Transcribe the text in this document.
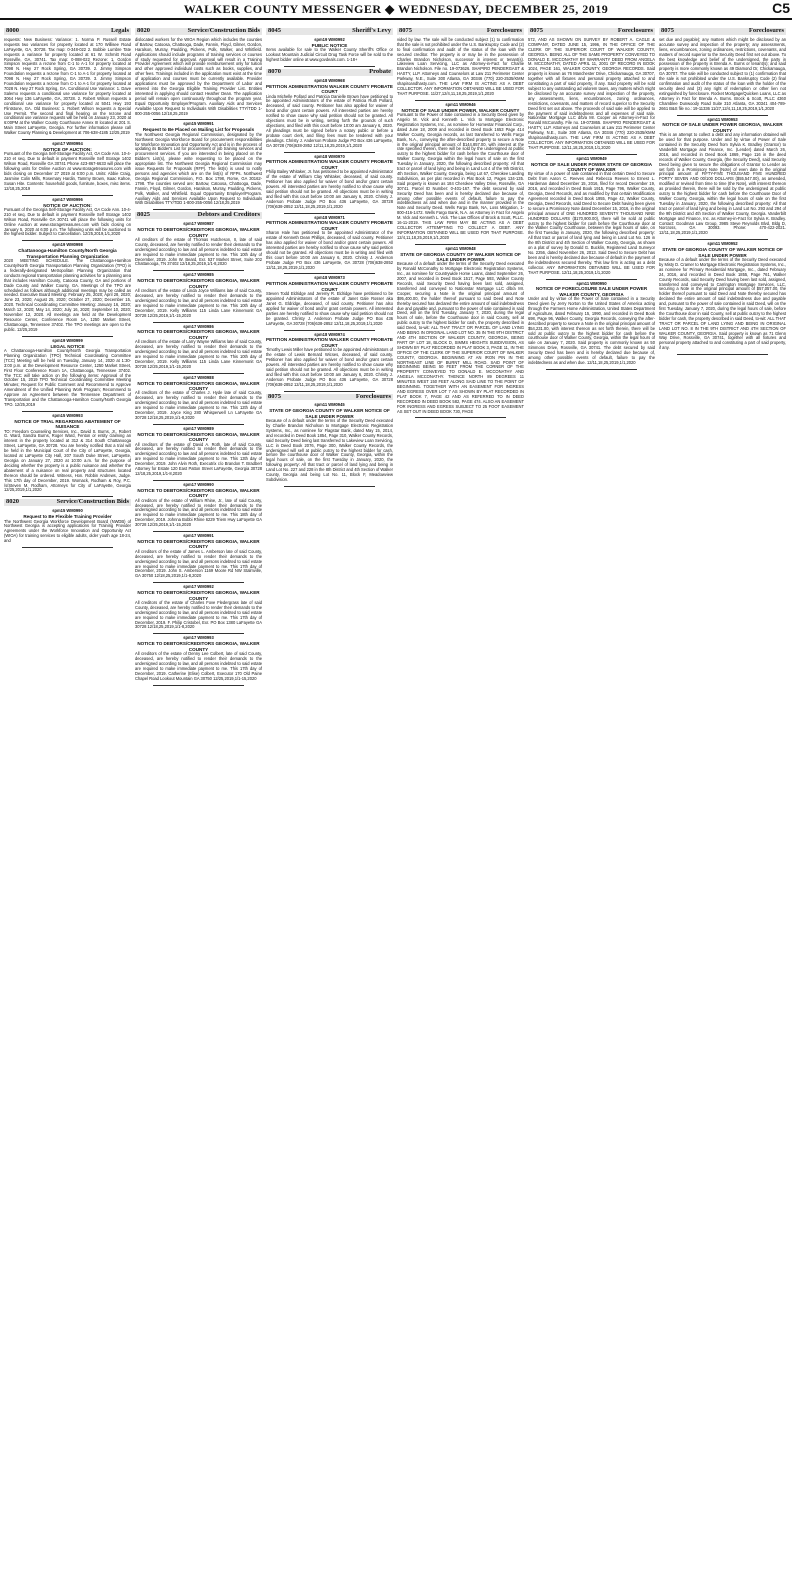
WALKER COUNTY MESSENGER ◆ WEDNESDAY, DECEMBER 25, 2019	C5
8000	Legals

requests: New Business: Variance: 1. Norma P. Russell Estate requests two variances for property located at 170 Willisee Road LaFayette, GA, 30728. Tax map: 0-348-022 2. Bobbie Lumbre Tate requests a variance for property located at 61 W. Schmitt Road Rossville, GA, 30741. Tax map: 0-088-022 Rezone: 1. Gordon Simpson requests a rezone from C-1 to A-1 for property located at 7098 N. Hwy 27 Rock Spring, GA 30739. 2. Jimmy Simpson Foundation requests a rezone from C-1 to A-1 for property located at 7098 N. Hwy 27 Rock Spring, GA 30739. 3. Jimmy Simpson Foundation requests a rezone from C-1 to A-1 for property located at 7028 N. Hwy 27 Rock Spring, GA. Conditional Use Variance: 1. Dave Salerno requests a conditional use variance for property located at 3064 Hwy 136 LaFayette, GA, 30728. 2. Robert Wilson requests a conditional use variance for property located at 5041 Hwy 193 Flintstone, GA. Old Business: 1. Robert Wilson requests a Special Use Permit. The second and final hearing on the rezone and conditional use variance requests will be held on January 23, 2020 at 6:00PM at the Walker County Courthouse Annex III located at 201 S. Main Street LaFayette, Georgia. For further information please call Walker County Planning & Development at 706-638-4185 12/25,2019

spm17 WM0994
NOTICE OF AUCTION:

Pursuant of the Georgia Self-Storage Facility Act, GA Code Ann. 10-4-210 et seq. Due to default in payment Rossville Self Storage 1402 Wilson Road, Rossville GA 30741 Phone 423-867-6633 will place the following units for Online Auction at www.storagetreasures.com with bids closing on December 27 2019 at 6:00 p.m. Units: Abbie Craig, Jasmine Colin Mills, Rosemary Hardin, Tammy Brown, Isaac Kahoe, Susan Hite. Contents: household goods, furniture, boxes, misc items. 12/18,25,2019

spm17 WM0996
NOTICE OF AUCTION:

Pursuant of the Georgia Self-Storage Facility Act, GA Code Ann. 10-4-210 et seq. Due to default in payment Rossville Self Storage 1402 Wilson Road, Rossville GA 30741 will place the following units for Online Auction at www.storagetreasures.com with bids closing on January 5, 2020 at 6:00 p.m. The following units will be auctioned to the highest bidder. Subject to Cancellation. 12/25,2019,1/1,2020

spm19 WM0998
Chattanooga-Hamilton County/North Georgia Transportation Planning Organization

2020 MEETING SCHEDULE. The Chattanooga-Hamilton County/North Georgia Transportation Planning Organization (TPO) is a federally-designated Metropolitan Planning Organization that conducts regional transportation planning activities for a planning area that includes Hamilton County, Catoosa County, GA and portions of Dade County and Walker County, GA. Meetings of the TPO are scheduled as follows although additional meetings may be called as needed. Executive Board Meeting: February 25, 2020; April 28, 2020; June 23, 2020; August 25, 2020; October 27, 2020; December 15, 2020. Technical Coordinating Committee Meeting: January 16, 2020; March 12, 2020; May 14, 2020; July 16, 2020; September 10, 2020; November 12, 2020. All meetings are held at the Development Resource Center, Conference Room 1A, 1250 Market Street, Chattanooga, Tennessee 37402. The TPO meetings are open to the public. 12/25,2019

spm19 WM0999
LEGAL NOTICE

A Chattanooga-Hamilton County/North Georgia Transportation Planning Organization (TPO) Technical Coordinating Committee (TCC) Meeting will be held on Tuesday, January 14, 2020 at 1:30-3:00 p.m. at the Development Resource Center, 1250 Market Street, First Floor Conference Room 1A, Chattanooga, Tennessee 37402. The TCC will take action on the following items: Approval of the October 15, 2019 TPO Technical Coordinating Committee Meeting Minutes; Request for Public Comment and Recommend to Approve Amendment of the Unified Planning Work Program; Recommend to Approve an Agreement between the Tennessee Department of Transportation and the Chattanooga-Hamilton County/North Georgia TPO. 12/25,2019

spm15 WM0993
NOTICE OF TRIAL REGARDING ABATEMENT OF NUISANCE

TO: Freedom Counseling Services, Inc., David S. Burns, Jr., Robert G. Ward, Sandra Burns, Roger Ward, Fenton or entity claiming an interest in the property located at 312 & 314 South Chattanooga Street, LaFayette, GA 30728. You are hereby notified that a trial will be held in the Municipal Court of the City of LaFayette, Georgia, located at LaFayette City Hall, 207 South Duke Street, LaFayette, Georgia on January 27, 2020 at 10:00 a.m. for the purpose of deciding whether the property is a public nuisance and whether the abatement of a nuisance on real property and structures located thereon should be ordered. Witness, Hon. Robbin Andrews, Judge. This 17th day of December, 2019. Womack, Rodham & Roy, P.C. /s/Steven M. Rodham, Attorneys for City of LaFayette, Georgia 12/25,2019,1/1,2020

8020	Service/Construction Bids
spm15 WM0990
Request to Be Flexible Training Provider

The Northwest Georgia Workforce Development Board (NWDB) of Northwest Georgia is accepting applications for Training Provider Agreements under the Workforce Innovation and Opportunity Act (WIOA) for training services to eligible adults, older youth age 18-24, and

8020	Service/Construction Bids

dislocated workers for the WIOA Region which includes the counties of Bartow, Catoosa, Chattooga, Dade, Fannin, Floyd, Gilmer, Gordon, Haralson, Murray, Paulding, Pickens, Polk, Walker, and Whitfield. Applications should include programs of training services or courses of study requested for approval. Approval will result in a Training Provider Agreement which will provide reimbursement only for tuition and other approved individual costs such as books, supplies, and other fees. Trainings included in the application must exist at the time of application and courses must be currently available. Provider applications must be approved by the Department of Labor and entered into the Georgia Eligible Training Provider List. Entities interested in applying should contact Heather Dean. The application period will remain open continuously throughout the program year. Equal Opportunity Employer/Program. Auxiliary Aids and Services Available Upon Request to Individuals With Disabilities TTY/TDD 1-800-255-0056 12/18,25,2019

spm15 WM0991
Request to Be Placed on Mailing List for Proposals

The Northwest Georgia Regional Commission, designated by the Northwest Georgia Workforce Board for procurement responsibilities for Workforce Innovation and Opportunity Act and is in the process of updating its Bidder's List for procurement of job training services and procurement services. If you are interested in being placed on the Bidder's List(s), please write requesting to be placed on the appropriate list. The Northwest Georgia Regional Commission may issue Requests for Proposals (RFP). The list(s) is used to notify persons and agencies which are on the list(s) of RFPs. Northwest Georgia Regional Commission, P.O. Box 1798, Rome, GA 30162-1798. The counties served are: Bartow, Catoosa, Chattooga, Dade, Fannin, Floyd, Gilmer, Gordon, Haralson, Murray, Paulding, Pickens, Polk, Walker, and Whitfield. Equal Opportunity Employer/Program. Auxiliary Aids and Services Available Upon Request to Individuals With Disabilities TTY/TDD 1-800-255-0056 12/18,25,2019

8025	Debtors and Creditors
spm17 WM0987
NOTICE TO DEBTORS/CREDITORS GEORGIA, WALKER COUNTY

All creditors of the estate of Thomas Hutcheson, II, late of said County, deceased, are hereby notified to render their demands to the undersigned according to law and all persons indebted to said estate are required to make immediate payment to me. This 10th day of December, 2019. John W. Beard, Exr. 537 Market Street, Suite 202 Chattanooga, TN 37402 12/18,25,2019,1/1-8,2020

spm17 WM0985
NOTICE TO DEBTORS/CREDITORS GEORGIA, WALKER COUNTY

All creditors of the estate of Linda Joyce Williams late of said County, deceased, are hereby notified to render their demands to the undersigned according to law, and all persons indebted to said estate are required to make immediate payment to me. This 10th day of December, 2019. Kelly Williams 115 Linda Lane Kinnemonit GA 30728 12/25,2019,1/1-15,2020

spm17 WM0986
NOTICE TO DEBTORS/CREDITORS GEORGIA, WALKER COUNTY

All creditors of the estate of Larry Wayne Williams late of said County, deceased, are hereby notified to render their demands to the undersigned according to law, and all persons indebted to said estate are required to make immediate payment to me. This 10th day of December, 2019. Kelly Williams 115 Linda Lane Kinnemonit GA 30728 12/25,2019,1/1-15,2020

spm17 WM0988
NOTICE TO DEBTORS/CREDITORS GEORGIA, WALKER COUNTY

All creditors of the estate of Charles J. Hyde late of said County, deceased, are hereby notified to render their demands to the undersigned according to law, and all persons indebted to said estate are required to make immediate payment to me. This 12th day of December, 2019. Joyce King 280 Whisperwell Ln LaFayette GA 30728 12/18,25,2019,1/1-8,2020

spm17 WM0989
NOTICE TO DEBTORS/CREDITORS GEORGIA, WALKER COUNTY

All creditors of the estate of David A. Roth, late of said County, deceased, are hereby notified to render their demands to the undersigned according to law and all persons indebted to said estate are required to make immediate payment to me. This 13th day of December, 2019. John Alvin Roth, Executrix c/o Brandon T. Bradbert Attorney for Estate 120 East Patton Street LaFayette, Georgia 30728 12/18,25,2019,1/1-8,2020

spm17 WM0990
NOTICE TO DEBTORS/CREDITORS GEORGIA, WALKER COUNTY

All creditors of the estate of William Rhine, Jr., late of said County, deceased, are hereby notified to render their demands to the undersigned according to law, and all persons indebted to said estate are required to make immediate payment to me. This 18th day of December, 2019. Johnna Bobbi Rhine 6229 Triem Hwy LaFayette GA 30728 12/25,2019,1/1-15,2020

spm17 WM0991
NOTICE TO DEBTORS/CREDITORS GEORGIA, WALKER COUNTY

All creditors of the estate of James L. Amberson late of said County, deceased, are hereby notified to render their demands to the undersigned according to law, and all persons indebted to said estate are required to make immediate payment to me. This 17th day of December, 2019. John S. Amberson 1169 Moore Rd NW Stalmville, GA 30750 12/18,25,2019,1/1-8,2020

spm17 WM0992
NOTICE TO DEBTORS/CREDITORS GEORGIA, WALKER COUNTY

All creditors of the estate of Charles Fove Fledergrass late of said County, deceased, are hereby notified to render their demands to the undersigned according to law, and all persons indebted to said estate are required to make immediate payment to me. This 17th day of December, 2019. F. Philip Cristobel, Exr. PO Box 1380 LaFayette GA 30728 12/18,25,2019,1/1-8,2020

spm17 WM0993
NOTICE TO DEBTORS/CREDITORS GEORGIA, WALKER COUNTY

All creditors of the estate of Denny Lee Colbert, late of said County, deceased, are hereby notified to render their demands to the undersigned according to law, and all persons indebted to said estate are required to make immediate payment to me. This 17th day of December, 2019. Catherine (Elise) Colbert, Executor 170 Old Paine Chapel Road Lookout Mountain GA 30750 12/25,2019,1/1-15,2020

8045	Sheriff's Levy
spm19 WM0992
PUBLIC NOTICE

Items available for sale to the Walker County Sheriff's Office or Lookout Mountain Judicial Circuit Drug Task Force will be sold to the highest bidder online at www.govdeals.com. 1-18+

8070	Probate
spm18 WM0968
PETITION ADMINISTRATION WALKER COUNTY PROBATE COURT

Linda Michelle Pollard and Patricia Danielle Brown have petitioned to be appointed Administrators of the estate of Patricia Ruth Pollard, deceased, of said county. Petitioner has also applied for waiver of bond and/or grant certain powers. All interested parties are hereby notified to show cause why said petition should not be granted. All objections must be in writing, setting forth the grounds of such objections, and filed with this court before 10:00 am January 6, 2020. All pleadings must be signed before a notary public or before a probate court clerk, and filing fees must be tendered with your pleadings. Christy J. Anderson Probate Judge PO Box 436 LaFayette, GA 30728 (706)638-2852 12/11,18,25,2019,1/1,2020

spm18 WM0970
PETITION ADMINISTRATION WALKER COUNTY PROBATE COURT

Philip Bailey Whitaker, Jr. has petitioned to be appointed Administrator of the estate of William Clay Whitaker, deceased, of said county. Petitioner has also applied for waiver of bond and/or grant certain powers. All interested parties are hereby notified to show cause why said petition should not be granted. All objections must be in writing and filed with this court before 10:00 am January 6, 2020. Christy J. Anderson Probate Judge PO Box 436 LaFayette, GA 30728 (706)638-2852 12/11,18,25,2019,1/1,2020

spm18 WM0971
PETITION ADMINISTRATION WALKER COUNTY PROBATE COURT

Sharon Hale has petitioned to be appointed Administrator of the estate of Kenneth Dean Phillips, deceased, of said county. Petitioner has also applied for waiver of bond and/or grant certain powers. All interested parties are hereby notified to show cause why said petition should not be granted. All objections must be in writing and filed with this court before 10:00 am January 6, 2020. Christy J. Anderson Probate Judge PO Box 436 LaFayette, GA 30728 (706)638-2852 12/11,18,25,2019,1/1,2020

spm18 WM0973
PETITION ADMINISTRATION WALKER COUNTY PROBATE COURT

Steven Todd Eldridge and Jeremy R. Eldridge have petitioned to be appointed Administrators of the estate of Janet Gale Rosser aka Janet G. Eldridge, deceased, of said county. Petitioner has also applied for waiver of bond and/or grant certain powers. All interested parties are hereby notified to show cause why said petition should not be granted. Christy J. Anderson Probate Judge PO Box 436 LaFayette, GA 30728 (706)638-2852 12/11,18,25,2019,1/1,2020

spm18 WM0974
PETITION ADMINISTRATION WALKER COUNTY PROBATE COURT

Timothy Lewis Miller have petitioned to be appointed Administrators of the estate of Lewis Bernard Wicses, deceased, of said county. Petitioner has also applied for waiver of bond and/or grant certain powers. All interested parties are hereby notified to show cause why said petition should not be granted. All objections must be in writing and filed with this court before 10:00 am January 6, 2020. Christy J. Anderson Probate Judge PO Box 436 LaFayette, GA 30728 (706)638-2852 12/11,18,25,2019,1/1,2020

8075	Foreclosures
spm11 WM0945
STATE OF GEORGIA COUNTY OF WALKER NOTICE OF SALE UNDER POWER

Because of a default under the terms of the Security Deed executed by Charlie Brandon Nicholson to Mortgage Electronic Registration Systems, Inc., as nominee for Flagstar Bank, dated May 15, 2014, and recorded in Deed Book 1854, Page 310, Walker County Records, said Security Deed being last transferred to Lakeview Loan Servicing, LLC in Deed Book 2076, Page 300, Walker County Records, the undersigned will sell at public outcry to the highest bidder for cash, before the courthouse door of Walker County, Georgia, within the legal hours of sale, on the first Tuesday in January, 2020, the following property: All that tract or parcel of land lying and being in Land Lot No. 227 and 228 in the 8th District and 4th Section of Walker County, Georgia and being Lot No. 11, Block F, Meadowview Subdivision.

8075	Foreclosures

vided by law. The sale will be conducted subject (1) to confirmation that the sale is not prohibited under the U.S. Bankruptcy Code and (2) to final confirmation and audit of the status of the loan with the secured creditor. The property is or may be in the possession of Charles Brandon Nicholson, successor in interest or tenant(s). Lakeview Loan Servicing, LLC as Attorney-in-Fact for Charlie Brandon Nicholson. File no. 19-073626. SHAPIRO PENDERGAST & HASTY, LLP. Attorneys and Counselors at Law 211 Perimeter Center Parkway, N.E., Suite 300 Atlanta, GA 30346 (770) 220-2535/KMM shapiroandhasty.com. THE LAW FIRM IS ACTING AS A DEBT COLLECTOR. ANY INFORMATION OBTAINED WILL BE USED FOR THAT PURPOSE. 11/27,12/4,11,18,25,2019,1/1,2020

spm11 WM0946
NOTICE OF SALE UNDER POWER, WALKER COUNTY

Pursuant to the Power of Sale contained in a Security Deed given by Angelo M. Vick and Kenneth L. Vick to Mortgage Electronic Registration Systems, Inc., as nominee for Homestar Financial Corp., dated June 18, 2009 and recorded in Deed Book 1653 Page 414 Walker County, Georgia records, as last transferred to Wells Fargo Bank, N.A., conveying the after-described property to secure a Note in the original principal amount of $144,857.00, with interest at the rate specified therein, there will be sold by the undersigned at public outcry to the highest bidder for cash before the Courthouse door of Walker County, Georgia within the legal hours of sale on the first Tuesday in January, 2020, the following described property: All that tract or parcel of land lying and being in Land Lot 4 of the 9th District, 4th Section, Walker County, Georgia, being Lot 67, Cherokee Landing Subdivision, as per plat recorded in Plat Book 12, Pages 134-135. Said property is known as 184 Cherokee Valley Drive, Rossville, GA 30741. Parcel ID Number: 0-401-167. The debt secured by said Security Deed has been and is hereby declared due because of, among other possible events of default, failure to pay the indebtedness as and when due and in the manner provided in the Note and Security Deed. Wells Fargo Bank, NA, Loss Mitigation, 1-800-416-1472. Wells Fargo Bank, N.A. as Attorney in Fact for Angelo M. Vick and Kenneth L. Vick. The Law Offices of Brock & Scott, PLLC. 16-11-2019. THIS LAW FIRM MAY BE ACTING AS A DEBT COLLECTOR ATTEMPTING TO COLLECT A DEBT. ANY INFORMATION OBTAINED WILL BE USED FOR THAT PURPOSE. 12/4,11,18,25,2019,1/1,2020

spm11 WM0948
STATE OF GEORGIA COUNTY OF WALKER NOTICE OF SALE UNDER POWER

Because of a default under the terms of the Security Deed executed by Ronald McConathy to Mortgage Electronic Registration Systems, Inc., as nominee for Countrywide Home Loans, dated September 26, 2007, and recorded in Deed Book 1517, Page 593, Walker County Records, said Security Deed having been last sold, assigned, transferred and conveyed to Nationstar Mortgage LLC d/b/a Mr. Cooper, securing a Note in the original principal amount of $95,400.00, the holder thereof pursuant to said Deed and Note thereby secured has declared the entire amount of said indebtedness due and payable and, pursuant to the power of sale contained in said Deed, will on the first Tuesday, January 7, 2020, during the legal hours of sale, before the Courthouse door in said County, sell at public outcry to the highest bidder for cash, the property described in said Deed, to-wit: ALL THAT TRACT OR PARCEL OF LAND LYING AND BEING IN ORIGINAL LAND LOT NO. 35 IN THE 9TH DISTRICT AND 4TH SECTION OF WALKER COUNTY, GEORGIA, BEING PART OF LOT 18, BLOCK D, SIMMS HEIGHTS SUBDIVISION, AS SHOWN BY PLAT RECORDED IN PLAT BOOK 3, PAGE 11, IN THE OFFICE OF THE CLERK OF THE SUPERIOR COURT OF WALKER COUNTY, GEORGIA. BEGINNING AT AN IRON PIN IN THE NORTHEAST LINE OF BURNT MILL ROAD. SAID POINT OF BEGINNING BEING 50 FEET FROM THE CORNER OF THE PROPERTY CONVEYED TO DONALD E. MCCONATHY AND ANGELA MCCONATHY. THENCE NORTH 89 DEGREES 11 MINUTES WEST 150 FEET ALONG SAID LINE TO THE POINT OF BEGINNING. TOGETHER WITH AN EASEMENT FOR INGRESS AND EGRESS OVER LOT 7 AS SHOWN BY PLAT RECORDED IN PLAT BOOK 7, PAGE 42 AND AS REFERRED TO IN DEED RECORDED IN DEED BOOK 582, PAGE 474. ALSO AN EASEMENT FOR INGRESS AND EGRESS SUBJECT TO 25 FOOT EASEMENT AS SET OUT IN DEED BOOK 730, PAGE

8075	Foreclosures

572, AND AS SHOWN ON SURVEY BY ROBERT A. CAGLE & COMPANY, DATED JUNE 15, 1996, IN THE OFFICE OF THE CLERK OF THE SUPERIOR COURT OF WALKER COUNTY, GEORGIA. BEING ALL OF THE SAME PROPERTY CONVEYED TO DONALD E. MCCONATHY BY WARRANTY DEED FROM ANGELA M. MCCONATHY, DATED APRIL 11, 2001 OF RECORD IN BOOK 1024, PAGE 161, WALKER COUNTY, GEORGIA RECORDS. Said property is known as 76 Manchester Drive, Chickamauga, GA 30707, together with all fixtures and personal property attached to and constituting a part of said property, if any. Said property will be sold subject to any outstanding ad valorem taxes, any matters which might be disclosed by an accurate survey and inspection of the property, any assessments, liens, encumbrances, zoning ordinances, restrictions, covenants, and matters of record superior to the Security Deed first set out above. The proceeds of said sale will be applied to the payment of said indebtedness and all expenses of said sale. Nationstar Mortgage LLC d/b/a Mr. Cooper as Attorney-in-Fact for Ronald McConathy. File no. 19-073865. SHAPIRO PENDERGAST & HASTY, LLP. Attorneys and Counselors at Law 211 Perimeter Center Parkway, N.E., Suite 300 Atlanta, GA 30346 (770) 220-2535/KMM shapiroandhasty.com. THE LAW FIRM IS ACTING AS A DEBT COLLECTOR. ANY INFORMATION OBTAINED WILL BE USED FOR THAT PURPOSE. 12/11,18,25,2019,1/1,2020

spm11 WM0949
NOTICE OF SALE UNDER POWER STATE OF GEORGIA COUNTY OF WALKER

By virtue of a power of sale contained in that certain Deed to Secure Debt from Aaron C. Reeves and Rebecca Reeves to Ernest L. Hardeman dated December 15, 2016, filed for record December 19, 2016, and recorded in Deed Book 1915, Page 796, Walker County, Georgia, Deed Records, and as modified by that certain Modification Agreement recorded in Deed Book 1955, Page 42, Walker County, Georgia, Deed Records, said Deed to Secure Debt having been given to secure a Promissory Note dated December 15, 2016, in the original principal amount of ONE HUNDRED SEVENTY THOUSAND NINE HUNDRED DOLLARS ($170,900.00), there will be sold at public outcry to the highest bidder for cash before the Courthouse door at the Walker County Courthouse, between the legal hours of sale, on the first Tuesday in January, 2020, the following described property: All that tract or parcel of land lying and being in Land Lot No. 126 in the 8th District and 4th Section of Walker County, Georgia, as shown on a plat of survey by Donald G. Bucklin, Registered Land Surveyor No. 2256, dated November 26, 2013. Said Deed to Secure Debt has been and is hereby declared due because of default in the payment of the indebtedness secured thereby. This law firm is acting as a debt collector. ANY INFORMATION OBTAINED WILL BE USED FOR THAT PURPOSE. 12/11,18,25,2019,1/1,2020

spm11 WM0950
NOTICE OF FORECLOSURE SALE UNDER POWER WALKER COUNTY, GEORGIA

Under and by virtue of the Power of Sale contained in a Security Deed given by Jerry Norton to the United States of America acting through the Farmers Home Administration, United States Department of Agriculture, dated February 15, 1990, and recorded in Deed Book 698, Page 96, Walker County, Georgia Records, conveying the after-described property to secure a Note in the original principal amount of $54,231.00, with interest thereon as set forth therein, there will be sold at public outcry to the highest bidder for cash before the courthouse door of Walker County, Georgia, within the legal hours of sale on January 7, 2020. Said property is commonly known as 50 Simmons Drive, Rossville, GA 30741. The debt secured by said Security Deed has been and is hereby declared due because of, among other possible events of default, failure to pay the indebtedness as and when due. 12/11,18,25,2019,1/1,2020

8075	Foreclosures

set due and payable); any matters which might be disclosed by an accurate survey and inspection of the property; any assessments, liens, encumbrances, zoning ordinances, restrictions, covenants, and matters of record superior to the Security Deed first set out above. To the best knowledge and belief of the undersigned, the party in possession of the property is Brenda A. Burns or tenant(s); and said property is more commonly known as 49 Diamond Dr, Chickamauga, GA 30707. The sale will be conducted subject to (1) confirmation that the sale is not prohibited under the U.S. Bankruptcy Code (2) final confirmation and audit of the status of the loan with the holder of the security deed and (3) any right of redemption or other lien not extinguished by foreclosure. Rocket Mortgage/Quicken Loans, LLC as Attorney in Fact for Brenda A. Burns. Brock & Scott, PLLC 4360 Chamblee Dunwoody Road Suite 310 Atlanta, GA 30341 404-789-2661 B&S file no.: 19-11336 11/27,12/4,11,18,25,2019,1/1,2020

spm11 WM0953
NOTICE OF SALE UNDER POWER GEORGIA, WALKER COUNTY

This is an attempt to collect a debt and any information obtained will be used for that purpose. Under and by virtue of Power of Sale contained in the Security Deed from Sylvia K. Bradley (Grantor) to Vanderbilt Mortgage and Finance, Inc. (Lender) dated March 26, 2016, and recorded in Deed Book 1869, Page 116 in the deed records of Walker County, Georgia, (the Security Deed), said Security Deed being given to secure the obligations of Grantor to Lender as set forth in a Promissory Note (Note) of even date in the original principal amount of FIFTY-FIVE THOUSAND FIVE HUNDRED FORTY SEVEN AND 00/100 DOLLARS ($55,547.00), as amended, modified or revised from time to time (the Note), with interest thereon as provided therein, there will be sold by the undersigned at public outcry to the highest bidder for cash before the Courthouse Door of Walker County, Georgia, within the legal hours of sale on the first Tuesday in January, 2020, the following described property: All that tract or parcel of land lying and being in Land Lot No. 293 and 294 of the 9th District and 4th Section of Walker County, Georgia. Vanderbilt Mortgage and Finance, Inc. as Attorney-in-Fact for Sylvia K. Bradley. Contact: Goodman Law Group, 3985 Steve Reynolds Blvd, Bldg D, Norcross, GA 30093. Phone: 470-422-2021. 12/11,18,25,2019,1/1,2020

spm11 WM0952
STATE OF GEORGIA COUNTY OF WALKER NOTICE OF SALE UNDER POWER

Because of a default under the terms of the Security Deed executed by Misty D. Cramer to Mortgage Electronic Registration Systems, Inc., as nominee for Primary Residential Mortgage, Inc., dated February 24, 2016, and recorded in Deed Book 1855, Page 761, Walker County Records, said Security Deed having been last sold, assigned, transferred and conveyed to Carrington Mortgage Services, LLC, securing a Note in the original principal amount of $57,057.00, the holder thereof pursuant to said Deed and Note thereby secured has declared the entire amount of said indebtedness due and payable and, pursuant to the power of sale contained in said Deed, will on the first Tuesday, January 7, 2020, during the legal hours of sale, before the Courthouse door in said County, sell at public outcry to the highest bidder for cash, the property described in said Deed, to-wit: ALL THAT TRACT OR PARCEL OF LAND LYING AND BEING IN ORIGINAL LAND LOT NO. 8 IN THE 9TH DISTRICT AND 4TH SECTION OF WALKER COUNTY, GEORGIA. Said property is known as 71 Glenn Way Drive, Rossville, GA 30741, together with all fixtures and personal property attached to and constituting a part of said property, if any.
